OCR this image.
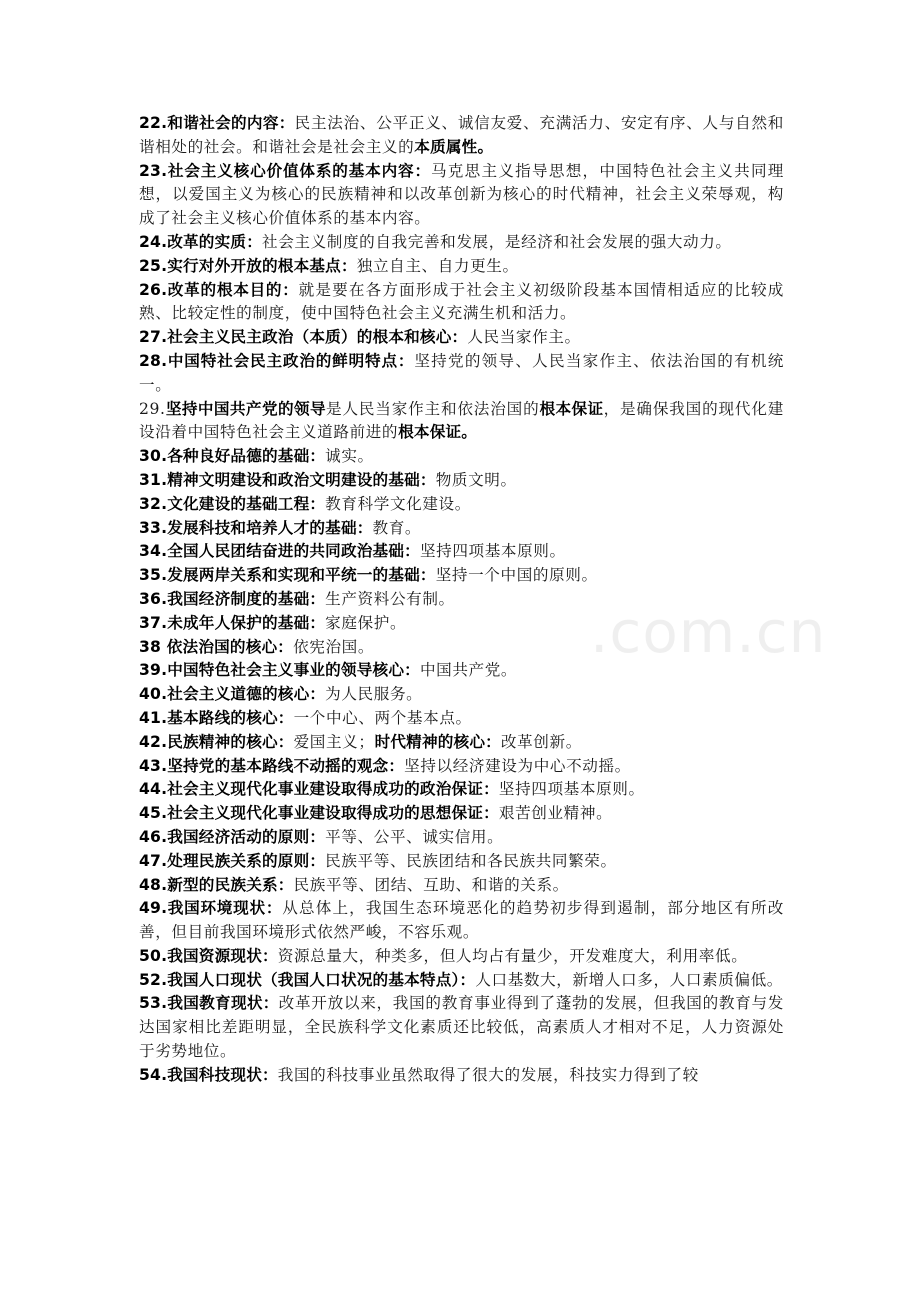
.com.cn

22.和谐社会的内容：民主法治、公平正义、诚信友爱、充满活力、安定有序、人与自然和谐相处的社会。和谐社会是社会主义的本质属性。

23.社会主义核心价值体系的基本内容：马克思主义指导思想，中国特色社会主义共同理想，以爱国主义为核心的民族精神和以改革创新为核心的时代精神，社会主义荣辱观，构成了社会主义核心价值体系的基本内容。

24.改革的实质：社会主义制度的自我完善和发展，是经济和社会发展的强大动力。

25.实行对外开放的根本基点：独立自主、自力更生。

26.改革的根本目的：就是要在各方面形成于社会主义初级阶段基本国情相适应的比较成熟、比较定性的制度，使中国特色社会主义充满生机和活力。

27.社会主义民主政治（本质）的根本和核心：人民当家作主。

28.中国特社会民主政治的鲜明特点：坚持党的领导、人民当家作主、依法治国的有机统一。

29.坚持中国共产党的领导是人民当家作主和依法治国的根本保证，是确保我国的现代化建设沿着中国特色社会主义道路前进的根本保证。

30.各种良好品德的基础：诚实。

31.精神文明建设和政治文明建设的基础：物质文明。

32.文化建设的基础工程：教育科学文化建设。

33.发展科技和培养人才的基础：教育。

34.全国人民团结奋进的共同政治基础：坚持四项基本原则。

35.发展两岸关系和实现和平统一的基础：坚持一个中国的原则。

36.我国经济制度的基础：生产资料公有制。

37.未成年人保护的基础：家庭保护。

38 依法治国的核心：依宪治国。

39.中国特色社会主义事业的领导核心：中国共产党。

40.社会主义道德的核心：为人民服务。

41.基本路线的核心：一个中心、两个基本点。

42.民族精神的核心：爱国主义；时代精神的核心：改革创新。

43.坚持党的基本路线不动摇的观念：坚持以经济建设为中心不动摇。

44.社会主义现代化事业建设取得成功的政治保证：坚持四项基本原则。

45.社会主义现代化事业建设取得成功的思想保证：艰苦创业精神。

46.我国经济活动的原则：平等、公平、诚实信用。

47.处理民族关系的原则：民族平等、民族团结和各民族共同繁荣。

48.新型的民族关系：民族平等、团结、互助、和谐的关系。

49.我国环境现状：从总体上，我国生态环境恶化的趋势初步得到遏制，部分地区有所改善，但目前我国环境形式依然严峻，不容乐观。

50.我国资源现状：资源总量大，种类多，但人均占有量少，开发难度大，利用率低。

52.我国人口现状（我国人口状况的基本特点）：人口基数大，新增人口多，人口素质偏低。

53.我国教育现状：改革开放以来，我国的教育事业得到了蓬勃的发展，但我国的教育与发达国家相比差距明显，全民族科学文化素质还比较低，高素质人才相对不足，人力资源处于劣势地位。

54.我国科技现状：我国的科技事业虽然取得了很大的发展，科技实力得到了较
